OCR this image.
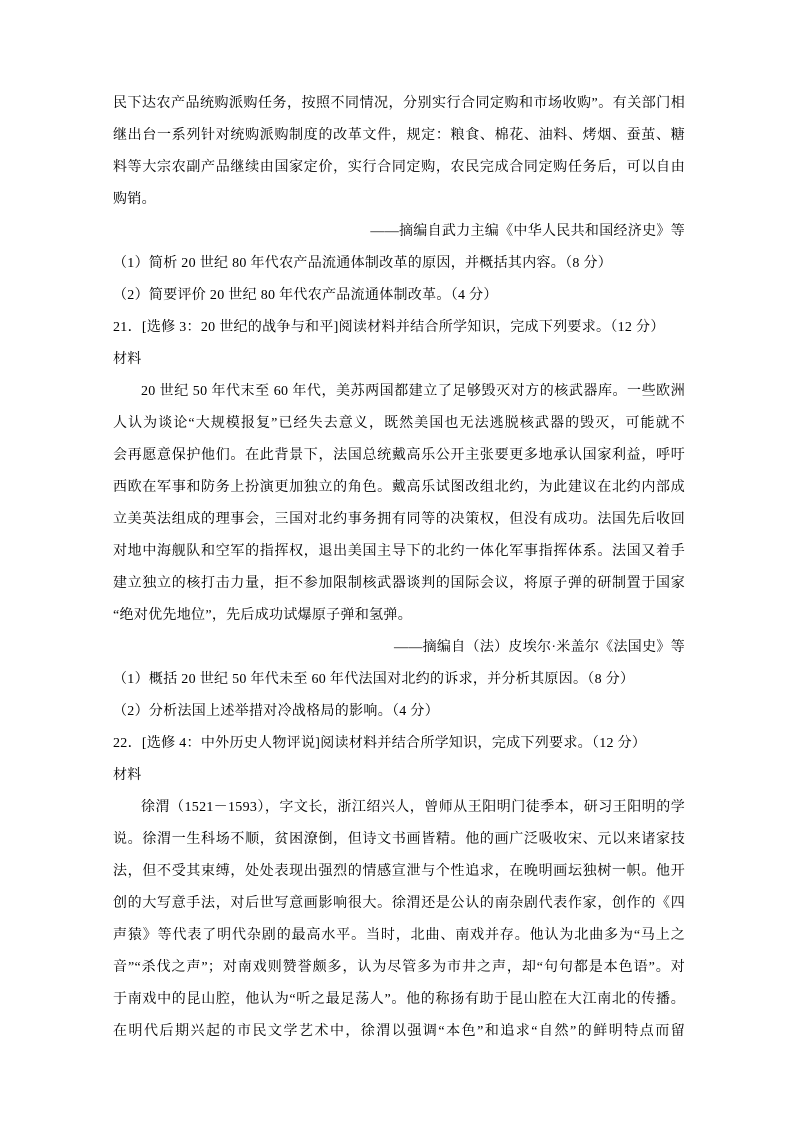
民下达农产品统购派购任务，按照不同情况，分别实行合同定购和市场收购”。有关部门相
继出台一系列针对统购派购制度的改革文件，规定：粮食、棉花、油料、烤烟、蚕茧、糖
料等大宗农副产品继续由国家定价，实行合同定购，农民完成合同定购任务后，可以自由
购销。
——摘编自武力主编《中华人民共和国经济史》等
（1）简析 20 世纪 80 年代农产品流通体制改革的原因，并概括其内容。（8 分）
（2）简要评价 20 世纪 80 年代农产品流通体制改革。（4 分）
21．[选修 3：20 世纪的战争与和平]阅读材料并结合所学知识，完成下列要求。（12 分）
材料
20 世纪 50 年代末至 60 年代，美苏两国都建立了足够毁灭对方的核武器库。一些欧洲
人认为谈论“大规模报复”已经失去意义，既然美国也无法逃脱核武器的毁灭，可能就不
会再愿意保护他们。在此背景下，法国总统戴高乐公开主张要更多地承认国家利益，呼吁
西欧在军事和防务上扮演更加独立的角色。戴高乐试图改组北约，为此建议在北约内部成
立美英法组成的理事会，三国对北约事务拥有同等的决策权，但没有成功。法国先后收回
对地中海舰队和空军的指挥权，退出美国主导下的北约一体化军事指挥体系。法国又着手
建立独立的核打击力量，拒不参加限制核武器谈判的国际会议，将原子弹的研制置于国家
“绝对优先地位”，先后成功试爆原子弹和氢弹。
——摘编自（法）皮埃尔·米盖尔《法国史》等
（1）概括 20 世纪 50 年代未至 60 年代法国对北约的诉求，并分析其原因。（8 分）
（2）分析法国上述举措对冷战格局的影响。（4 分）
22．[选修 4：中外历史人物评说]阅读材料并结合所学知识，完成下列要求。（12 分）
材料
徐渭（1521－1593），字文长，浙江绍兴人，曾师从王阳明门徒季本，研习王阳明的学
说。徐渭一生科场不顺，贫困潦倒，但诗文书画皆精。他的画广泛吸收宋、元以来诸家技
法，但不受其束缚，处处表现出强烈的情感宣泄与个性追求，在晚明画坛独树一帜。他开
创的大写意手法，对后世写意画影响很大。徐渭还是公认的南杂剧代表作家，创作的《四
声猿》等代表了明代杂剧的最高水平。当时，北曲、南戏并存。他认为北曲多为“马上之
音”“杀伐之声”；对南戏则赞誉颇多，认为尽管多为市井之声，却“句句都是本色语”。对
于南戏中的昆山腔，他认为“听之最足荡人”。他的称扬有助于昆山腔在大江南北的传播。
在明代后期兴起的市民文学艺术中，徐渭以强调“本色”和追求“自然”的鲜明特点而留
